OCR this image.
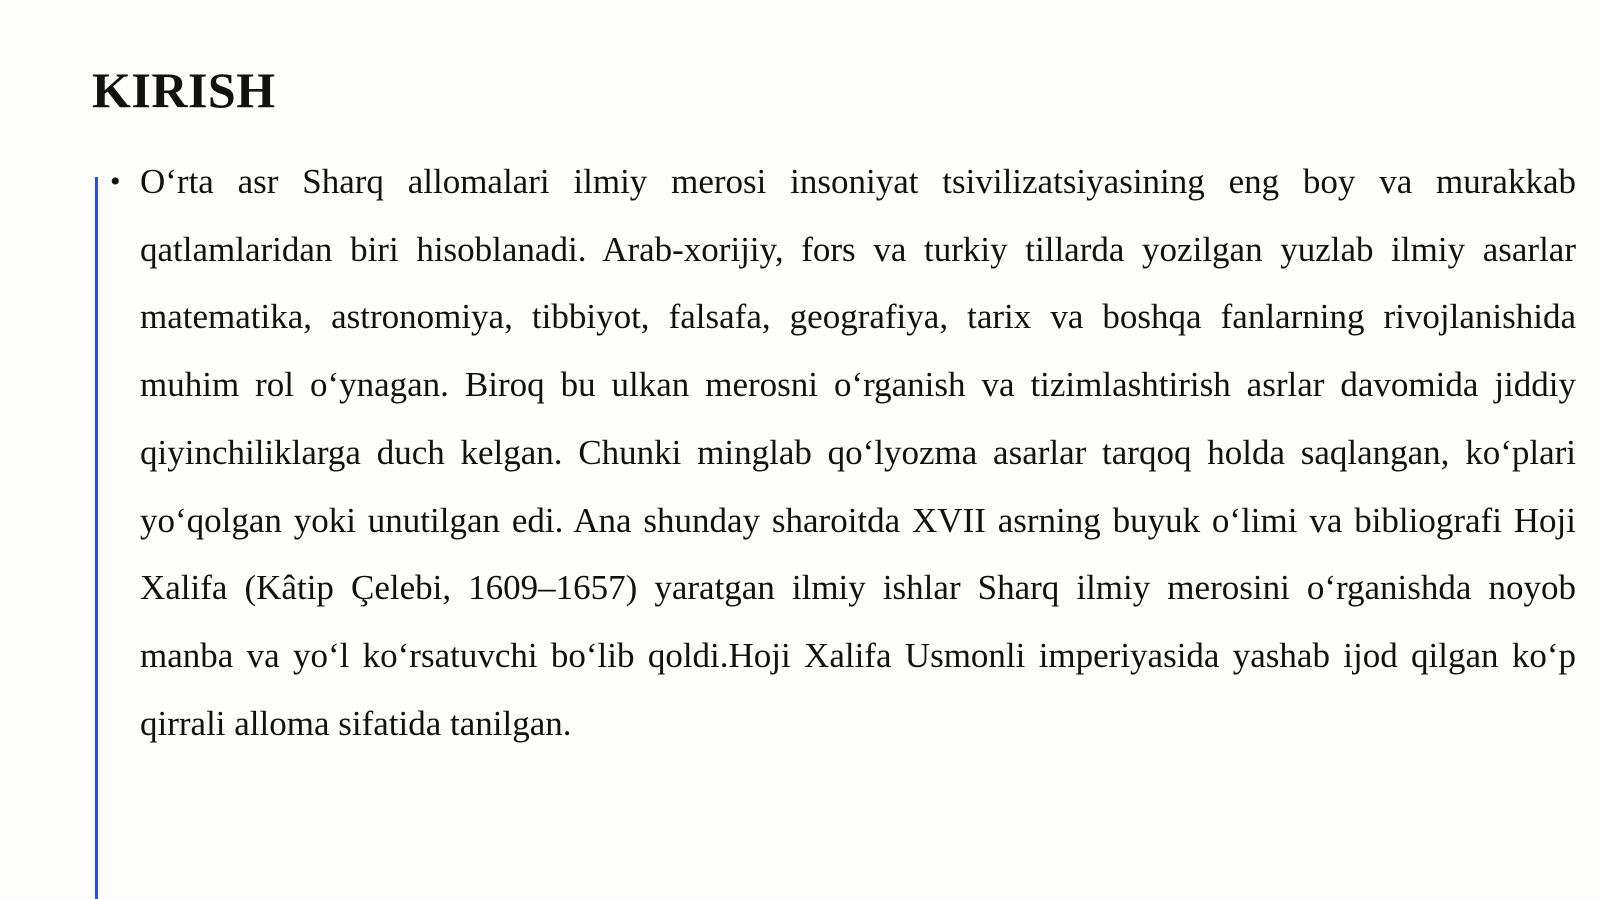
KIRISH
• O‘rta asr Sharq allomalari ilmiy merosi insoniyat tsivilizatsiyasining eng boy va murakkab qatlamlaridan biri hisoblanadi. Arab-xorijiy, fors va turkiy tillarda yozilgan yuzlab ilmiy asarlar matematika, astronomiya, tibbiyot, falsafa, geografiya, tarix va boshqa fanlarning rivojlanishida muhim rol o‘ynagan. Biroq bu ulkan merosni o‘rganish va tizimlashtirish asrlar davomida jiddiy qiyinchiliklarga duch kelgan. Chunki minglab qo‘lyozma asarlar tarqoq holda saqlangan, ko‘plari yo‘qolgan yoki unutilgan edi. Ana shunday sharoitda XVII asrning buyuk o‘limi va bibliografi Hoji Xalifa (Kâtip Çelebi, 1609–1657) yaratgan ilmiy ishlar Sharq ilmiy merosini o‘rganishda noyob manba va yo‘l ko‘rsatuvchi bo‘lib qoldi.Hoji Xalifa Usmonli imperiyasida yashab ijod qilgan ko‘p qirrali alloma sifatida tanilgan.
